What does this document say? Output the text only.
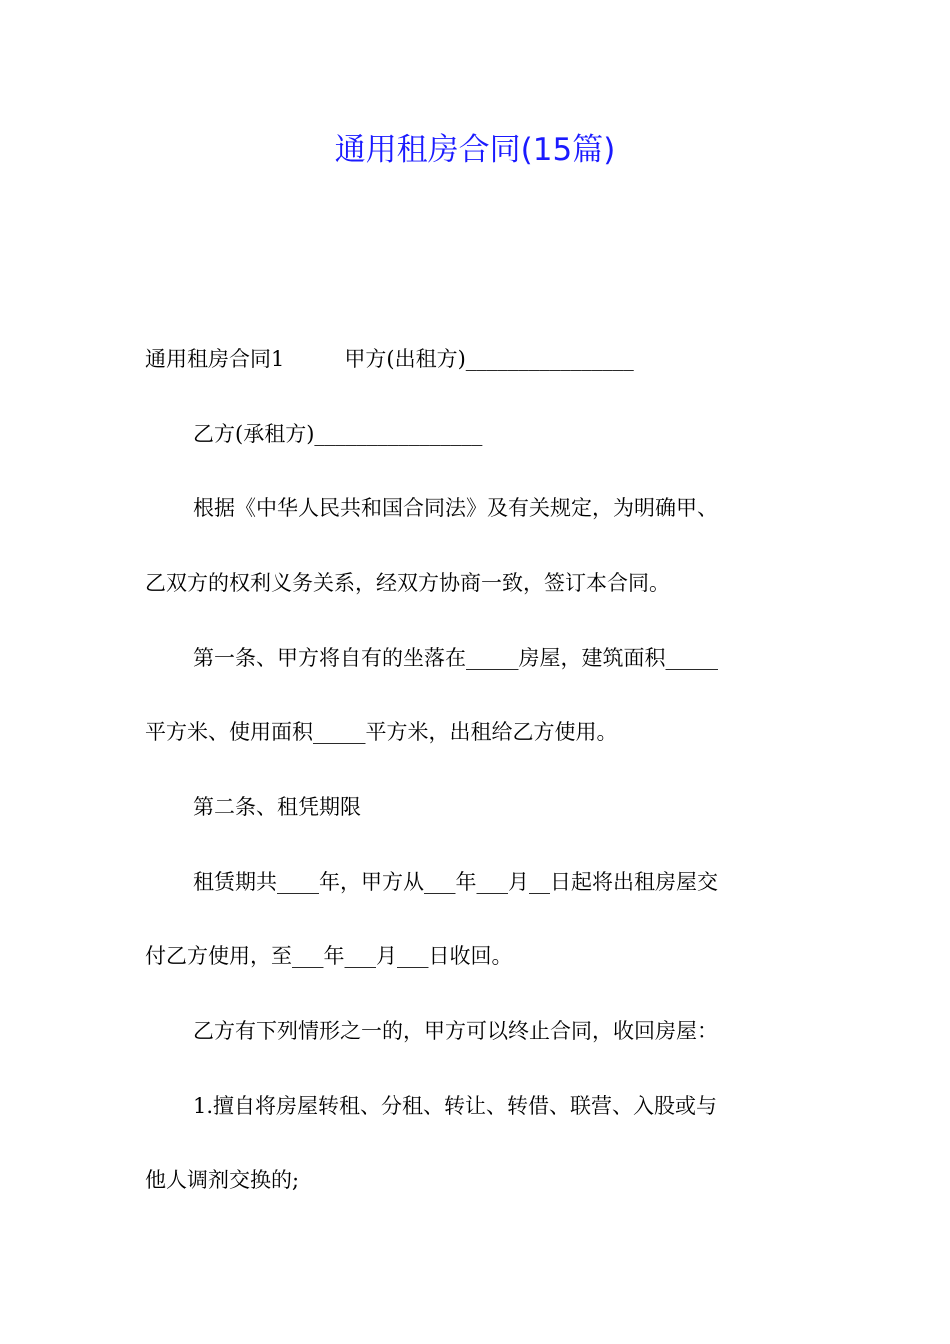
通用租房合同(15篇)
通用租房合同1	甲方(出租方)________________
乙方(承租方)________________
根据《中华人民共和国合同法》及有关规定，为明确甲、
乙双方的权利义务关系，经双方协商一致，签订本合同。
第一条、甲方将自有的坐落在_____房屋，建筑面积_____
平方米、使用面积_____平方米，出租给乙方使用。
第二条、租凭期限
租赁期共____年，甲方从___年___月__日起将出租房屋交
付乙方使用，至___年___月___日收回。
乙方有下列情形之一的，甲方可以终止合同，收回房屋：
1.擅自将房屋转租、分租、转让、转借、联营、入股或与
他人调剂交换的;
